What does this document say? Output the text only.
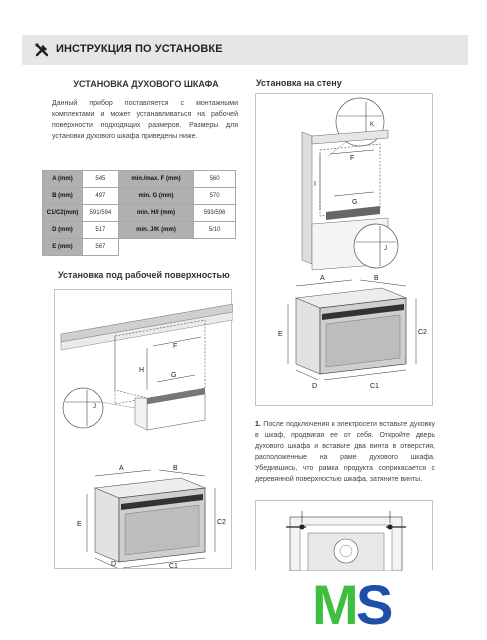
ИНСТРУКЦИЯ ПО УСТАНОВКЕ
УСТАНОВКА ДУХОВОГО ШКАФА
Данный прибор поставляется с монтажными комплектами и может устанавливаться на рабочей поверхности подходящих размеров. Размеры для установки духового шкафа приведены ниже.
A (mm)	545	min./max. F (mm)	560
B (mm)	497	min. G (mm)	570
C1/C2(mm)	591/594	min. H/I (mm)	593/596
D (mm)	517	min. J/K (mm)	5/10
E (mm)	567		
Установка под рабочей поверхностью
F
H
G
J
A	B
E	C2
D	C1
Установка на стену
K
F
I
G
J
A	B
E	C2
D	C1
1. После подключения к электросети вставьте духовку в шкаф, продвигая ее от себя. Откройте дверь духового шкафа и вставьте два винта в отверстия, расположенные на раме духового шкафа. Убедившись, что рамка продукта соприкасается с деревянной поверхностью шкафа, затяните винты.
M
S
